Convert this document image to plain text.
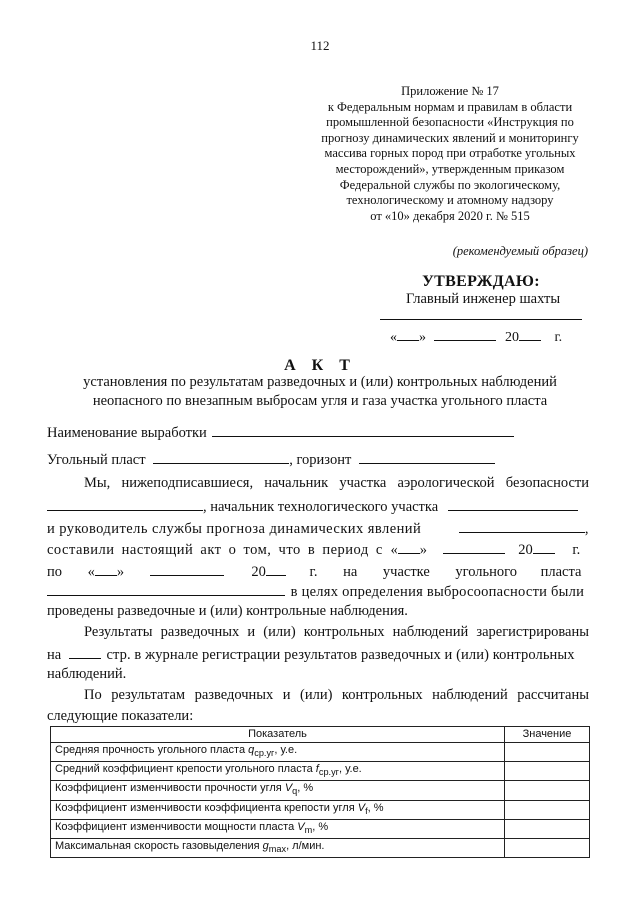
112
Приложение № 17
к Федеральным нормам и правилам в области
промышленной безопасности «Инструкция по
прогнозу динамических явлений и мониторингу
массива горных пород при отработке угольных
месторождений», утвержденным приказом
Федеральной службы по экологическому,
технологическому и атомному надзору
от «10» декабря 2020 г. № 515
(рекомендуемый образец)
УТВЕРЖДАЮ:
Главный инженер шахты
« »	20	г.
А К Т
установления по результатам разведочных и (или) контрольных наблюдений
неопасного по внезапным выбросам угля и газа участка угольного пласта
Наименование выработки
Угольный пласт	, горизонт
Мы, нижеподписавшиеся, начальник участка аэрологической безопасности
, начальник технологического участка
и руководитель службы прогноза динамических явлений	,
составили настоящий акт о том, что в период с « »	20	г.
по « »	20	г. на участке угольного пласта
в целях определения выбросоопасности были
проведены разведочные и (или) контрольные наблюдения.
Результаты разведочных и (или) контрольных наблюдений зарегистрированы
на	стр. в журнале регистрации результатов разведочных и (или) контрольных
наблюдений.
По результатам разведочных и (или) контрольных наблюдений рассчитаны
следующие показатели:
Показатель	Значение
Средняя прочность угольного пласта $q_{ср.уг}$, у.е.	
Средний коэффициент крепости угольного пласта $f_{ср.уг}$, у.е.	
Коэффициент изменчивости прочности угля $V_q$, %	
Коэффициент изменчивости коэффициента крепости угля $V_f$, %	
Коэффициент изменчивости мощности пласта $V_m$, %	
Максимальная скорость газовыделения $g_{max}$, л/мин.	
